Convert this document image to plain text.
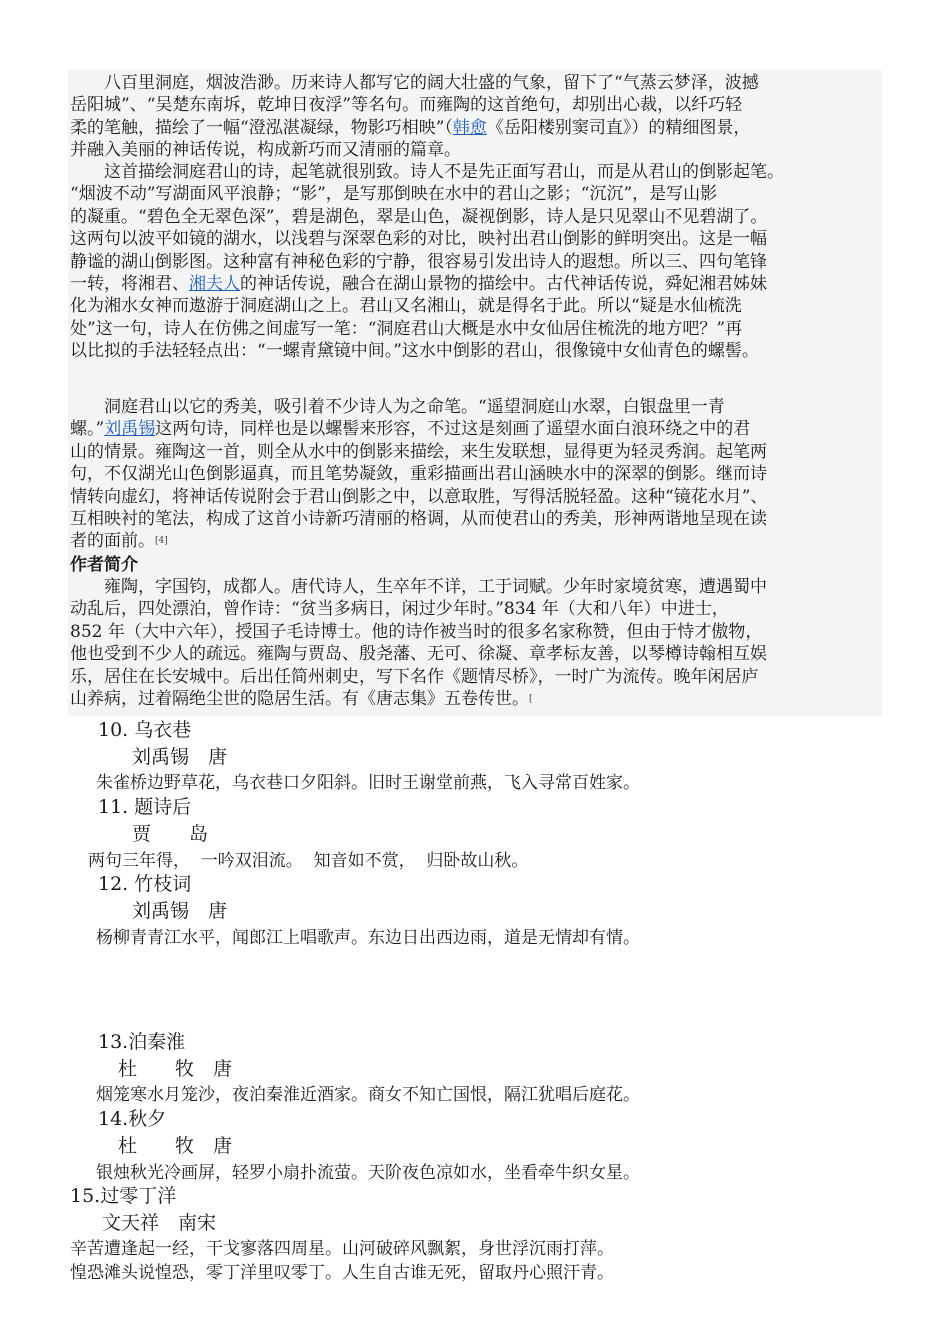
八百里洞庭，烟波浩渺。历来诗人都写它的阔大壮盛的气象，留下了“气蒸云梦泽，波撼
岳阳城”、“吴楚东南坼，乾坤日夜浮”等名句。而雍陶的这首绝句，却别出心裁，以纤巧轻
柔的笔触，描绘了一幅“澄泓湛凝绿，物影巧相映”（韩愈《岳阳楼别窦司直》）的精细图景，
并融入美丽的神话传说，构成新巧而又清丽的篇章。
这首描绘洞庭君山的诗，起笔就很别致。诗人不是先正面写君山，而是从君山的倒影起笔。
“烟波不动”写湖面风平浪静；“影”，是写那倒映在水中的君山之影；“沉沉”，是写山影
的凝重。“碧色全无翠色深”，碧是湖色，翠是山色，凝视倒影，诗人是只见翠山不见碧湖了。
这两句以波平如镜的湖水，以浅碧与深翠色彩的对比，映衬出君山倒影的鲜明突出。这是一幅
静谧的湖山倒影图。这种富有神秘色彩的宁静，很容易引发出诗人的遐想。所以三、四句笔锋
一转，将湘君、湘夫人的神话传说，融合在湖山景物的描绘中。古代神话传说，舜妃湘君姊妹
化为湘水女神而遨游于洞庭湖山之上。君山又名湘山，就是得名于此。所以“疑是水仙梳洗
处”这一句，诗人在仿佛之间虚写一笔：“洞庭君山大概是水中女仙居住梳洗的地方吧？”再
以比拟的手法轻轻点出：“一螺青黛镜中间。”这水中倒影的君山，很像镜中女仙青色的螺髻。
洞庭君山以它的秀美，吸引着不少诗人为之命笔。“遥望洞庭山水翠，白银盘里一青
螺。”刘禹锡这两句诗，同样也是以螺髻来形容，不过这是刻画了遥望水面白浪环绕之中的君
山的情景。雍陶这一首，则全从水中的倒影来描绘，来生发联想，显得更为轻灵秀润。起笔两
句，不仅湖光山色倒影逼真，而且笔势凝敛，重彩描画出君山涵映水中的深翠的倒影。继而诗
情转向虚幻，将神话传说附会于君山倒影之中，以意取胜，写得活脱轻盈。这种“镜花水月”、
互相映衬的笔法，构成了这首小诗新巧清丽的格调，从而使君山的秀美，形神两谐地呈现在读
者的面前。[4]
作者简介
雍陶，字国钧，成都人。唐代诗人，生卒年不详，工于词赋。少年时家境贫寒，遭遇蜀中
动乱后，四处漂泊，曾作诗：“贫当多病日，闲过少年时。”834 年（大和八年）中进士，
852 年（大中六年），授国子毛诗博士。他的诗作被当时的很多名家称赞，但由于恃才傲物，
他也受到不少人的疏远。雍陶与贾岛、殷尧藩、无可、徐凝、章孝标友善，以琴樽诗翰相互娱
乐，居住在长安城中。后出任简州刺史，写下名作《题情尽桥》，一时广为流传。晚年闲居庐
山养病，过着隔绝尘世的隐居生活。有《唐志集》五卷传世。[
10. 乌衣巷
刘禹锡　唐
朱雀桥边野草花，乌衣巷口夕阳斜。旧时王谢堂前燕，飞入寻常百姓家。
11. 题诗后
贾　　岛
两句三年得，  一吟双泪流。  知音如不赏，  归卧故山秋。
12. 竹枝词
刘禹锡　唐
杨柳青青江水平，闻郎江上唱歌声。东边日出西边雨，道是无情却有情。
13.泊秦淮
杜　　牧　唐
烟笼寒水月笼沙，夜泊秦淮近酒家。商女不知亡国恨，隔江犹唱后庭花。
14.秋夕
杜　　牧　唐
银烛秋光冷画屏，轻罗小扇扑流萤。天阶夜色凉如水，坐看牵牛织女星。
15.过零丁洋
文天祥　南宋
辛苦遭逢起一经，干戈寥落四周星。山河破碎风飘絮，身世浮沉雨打萍。
惶恐滩头说惶恐，零丁洋里叹零丁。人生自古谁无死，留取丹心照汗青。
